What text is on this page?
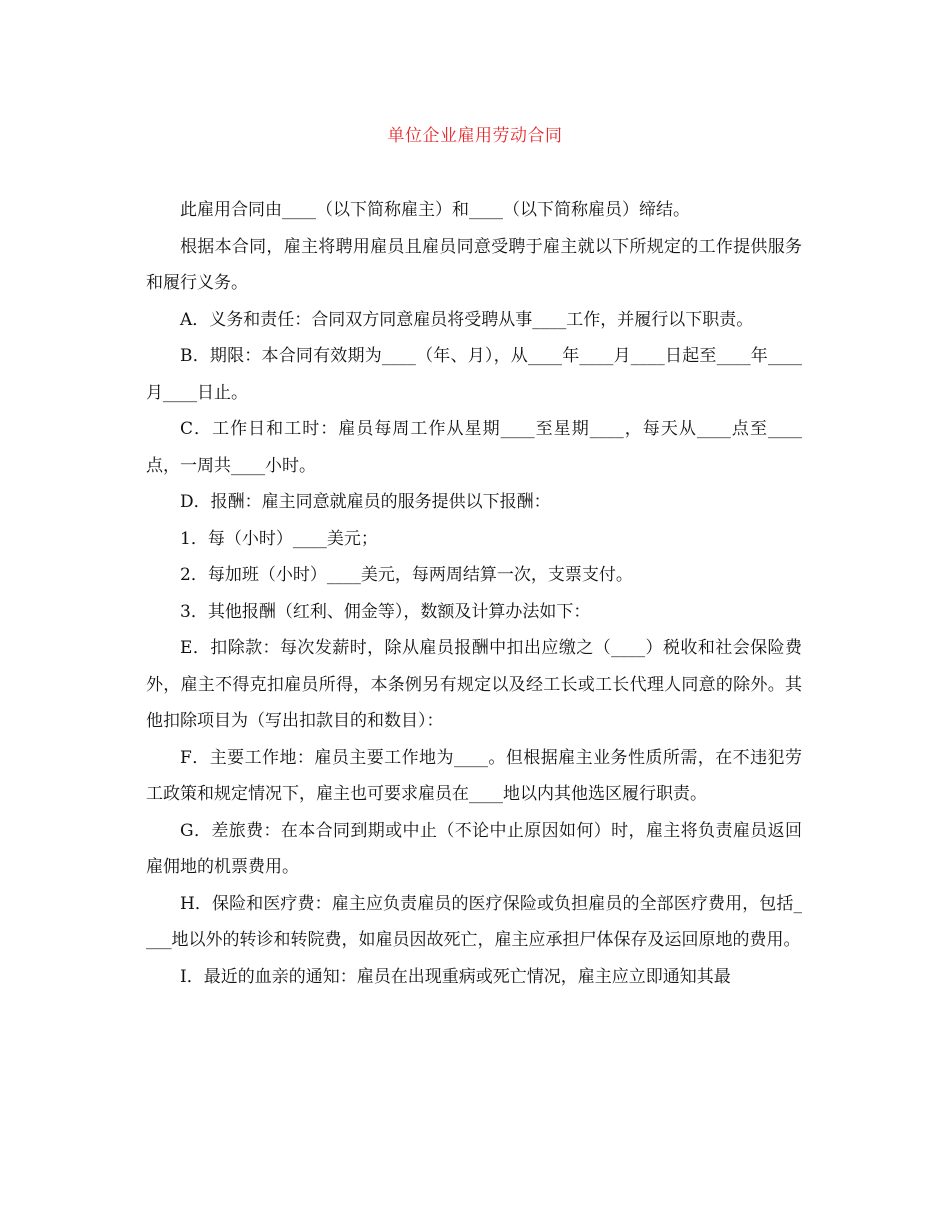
单位企业雇用劳动合同

此雇用合同由____（以下简称雇主）和____（以下简称雇员）缔结。

根据本合同，雇主将聘用雇员且雇员同意受聘于雇主就以下所规定的工作提供服务和履行义务。

A．义务和责任：合同双方同意雇员将受聘从事____工作，并履行以下职责。

B．期限：本合同有效期为____（年、月），从____年____月____日起至____年____月____日止。

C．工作日和工时：雇员每周工作从星期____至星期____，每天从____点至____点，一周共____小时。

D．报酬：雇主同意就雇员的服务提供以下报酬：

1．每（小时）____美元；

2．每加班（小时）____美元，每两周结算一次，支票支付。

3．其他报酬（红利、佣金等），数额及计算办法如下：

E．扣除款：每次发薪时，除从雇员报酬中扣出应缴之（____）税收和社会保险费外，雇主不得克扣雇员所得，本条例另有规定以及经工长或工长代理人同意的除外。其他扣除项目为（写出扣款目的和数目）：

F．主要工作地：雇员主要工作地为____。但根据雇主业务性质所需，在不违犯劳工政策和规定情况下，雇主也可要求雇员在____地以内其他选区履行职责。

G．差旅费：在本合同到期或中止（不论中止原因如何）时，雇主将负责雇员返回雇佣地的机票费用。

H．保险和医疗费：雇主应负责雇员的医疗保险或负担雇员的全部医疗费用，包括____地以外的转诊和转院费，如雇员因故死亡，雇主应承担尸体保存及运回原地的费用。

I．最近的血亲的通知：雇员在出现重病或死亡情况，雇主应立即通知其最
